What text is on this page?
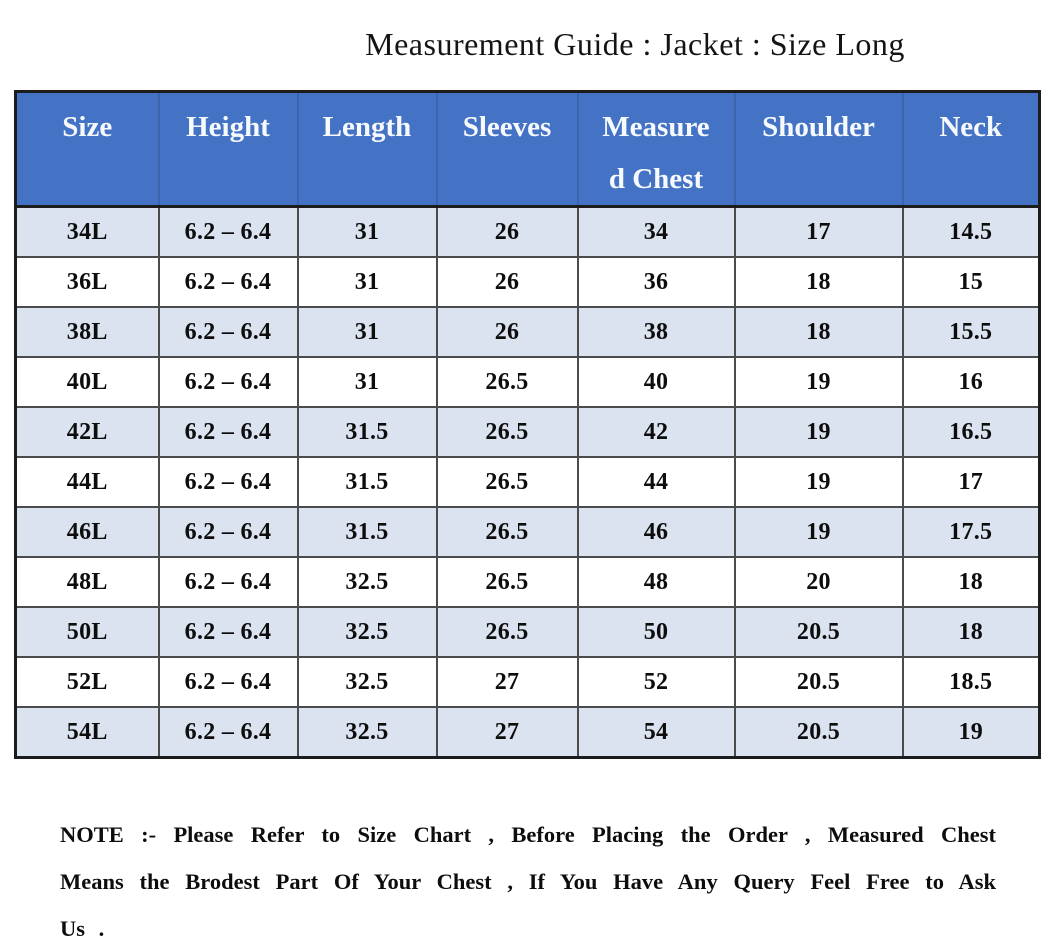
Measurement Guide : Jacket : Size Long
Size	Height	Length	Sleeves	Measured Chest	Shoulder	Neck
34L	6.2 – 6.4	31	26	34	17	14.5
36L	6.2 – 6.4	31	26	36	18	15
38L	6.2 – 6.4	31	26	38	18	15.5
40L	6.2 – 6.4	31	26.5	40	19	16
42L	6.2 – 6.4	31.5	26.5	42	19	16.5
44L	6.2 – 6.4	31.5	26.5	44	19	17
46L	6.2 – 6.4	31.5	26.5	46	19	17.5
48L	6.2 – 6.4	32.5	26.5	48	20	18
50L	6.2 – 6.4	32.5	26.5	50	20.5	18
52L	6.2 – 6.4	32.5	27	52	20.5	18.5
54L	6.2 – 6.4	32.5	27	54	20.5	19

NOTE :- Please Refer to Size Chart , Before Placing the Order , Measured Chest Means the Brodest Part Of Your Chest , If You Have Any Query Feel Free to Ask Us .
